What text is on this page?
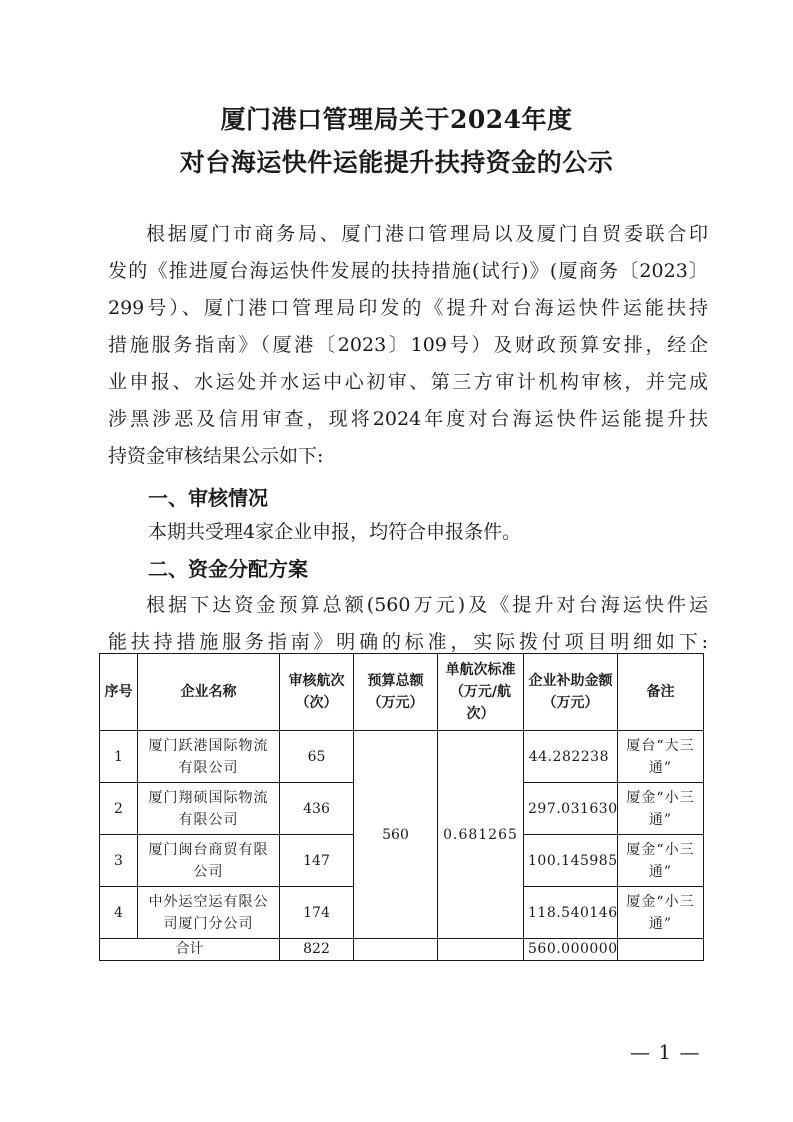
厦门港口管理局关于2024年度
对台海运快件运能提升扶持资金的公示
根据厦门市商务局、厦门港口管理局以及厦门自贸委联合印
发的《推进厦台海运快件发展的扶持措施(试行)》(厦商务〔2023〕
299号）、厦门港口管理局印发的《提升对台海运快件运能扶持
措施服务指南》（厦港〔2023〕109号）及财政预算安排，经企
业申报、水运处并水运中心初审、第三方审计机构审核，并完成
涉黑涉恶及信用审查，现将2024年度对台海运快件运能提升扶
持资金审核结果公示如下:
一、审核情况
本期共受理4家企业申报，均符合申报条件。
二、资金分配方案
根据下达资金预算总额(560万元)及《提升对台海运快件运
能扶持措施服务指南》明确的标准，实际拨付项目明细如下:
序号	企业名称	审核航次（次）	预算总额（万元）	单航次标准（万元/航次）	企业补助金额（万元）	备注
1	厦门跃港国际物流有限公司	65	560	0.681265	44.282238	厦台“大三通”
2	厦门翔硕国际物流有限公司	436			297.031630	厦金“小三通”
3	厦门闽台商贸有限公司	147			100.145985	厦金“小三通”
4	中外运空运有限公司厦门分公司	174			118.540146	厦金“小三通”
合计		822			560.000000	
— 1 —
